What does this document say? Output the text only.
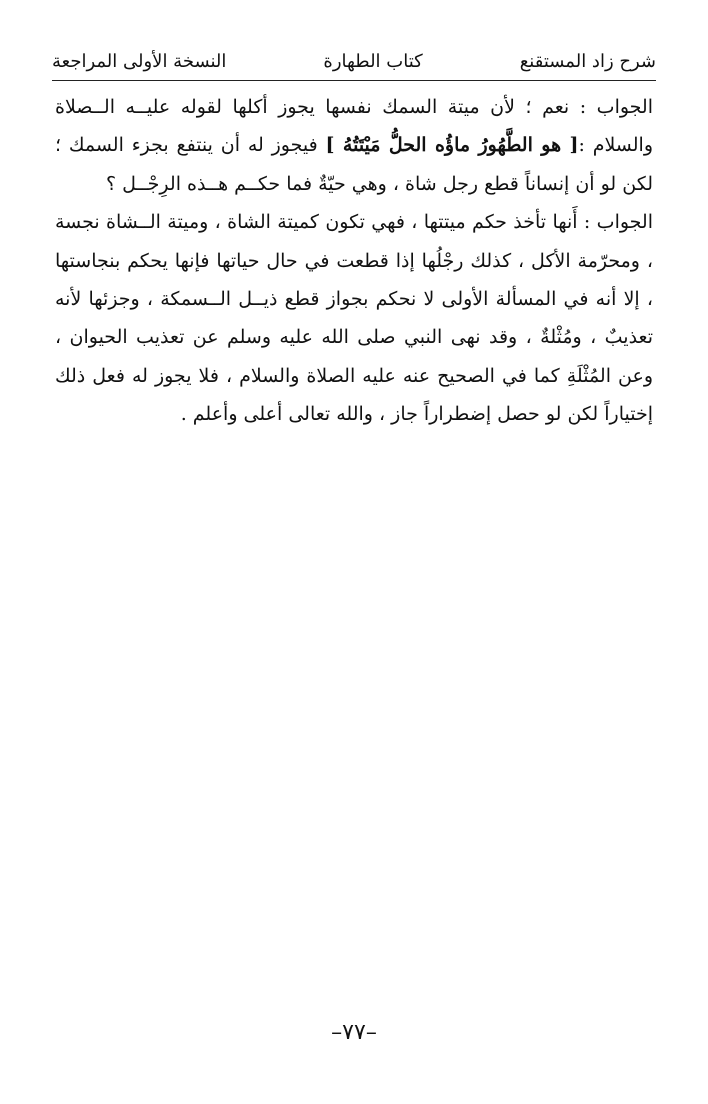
شرح زاد المستقنع
كتاب الطهارة
النسخة الأولى المراجعة

الجواب : نعم ؛ لأن ميتة السمك نفسها يجوز أكلها لقوله عليــه الــصلاة والسلام :[ هو الطَّهُورُ ماؤُه الحلُّ مَيْتَتُهُ ] فيجوز له أن ينتفع بجزء السمك ؛ لكن لو أن إنساناً قطع رجل شاة ، وهي حيّةٌ فما حكــم هــذه الرِجْــل ؟

الجواب : أَنها تأخذ حكم ميتتها ، فهي تكون كميتة الشاة ، وميتة الــشاة نجسة ، ومحرّمة الأكل ، كذلك رجْلُها إذا قطعت في حال حياتها فإنها يحكم بنجاستها ، إلا أنه في المسألة الأولى لا نحكم بجواز قطع ذيــل الــسمكة ، وجزئها لأنه تعذيبٌ ، ومُثْلةٌ ، وقد نهى النبي صلى الله عليه وسلم عن تعذيب الحيوان ، وعن المُثْلَةِ كما في الصحيح عنه عليه الصلاة والسلام ، فلا يجوز له فعل ذلك إختياراً لكن لو حصل إضطراراً جاز ، والله تعالى أعلى وأعلم .

–٧٧–
